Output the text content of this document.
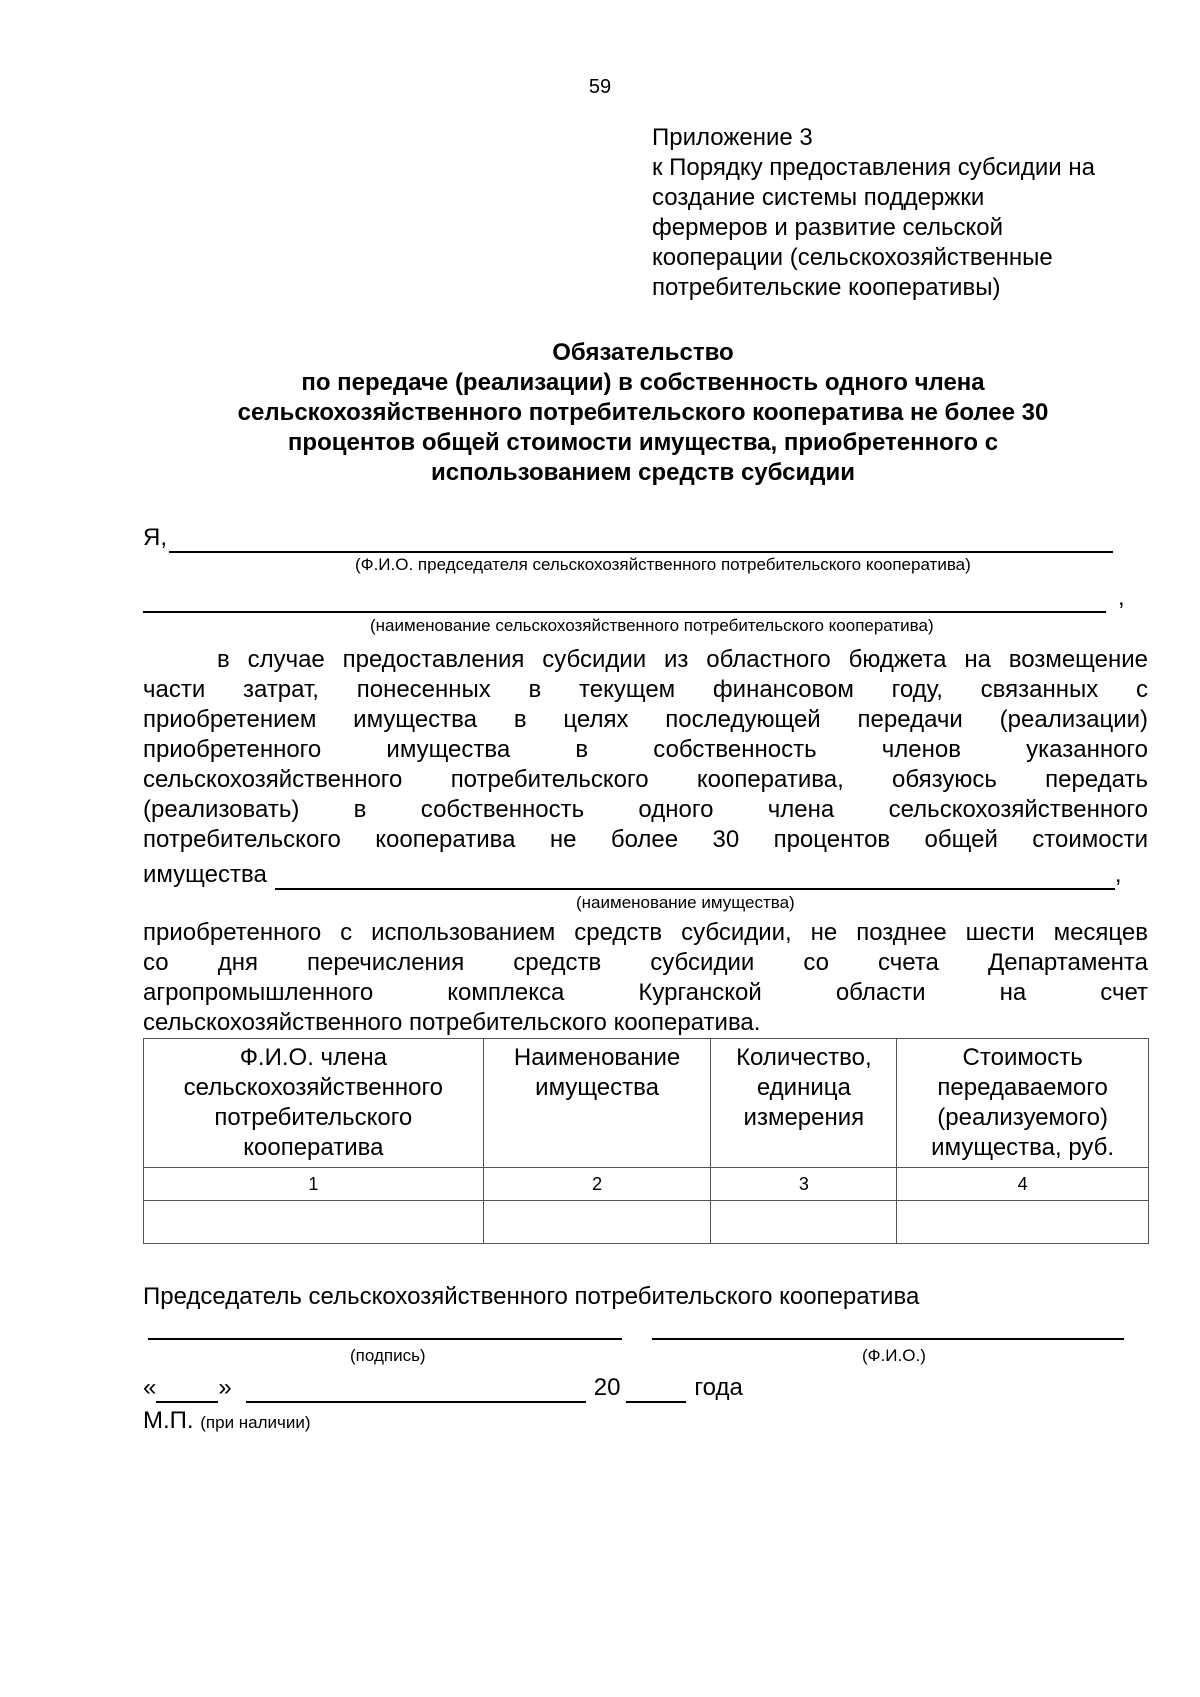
59
Приложение 3
к Порядку предоставления субсидии на
создание системы поддержки
фермеров и развитие сельской
кооперации (сельскохозяйственные
потребительские кооперативы)
Обязательство
по передаче (реализации) в собственность одного члена
сельскохозяйственного потребительского кооператива не более 30
процентов общей стоимости имущества, приобретенного с
использованием средств субсидии
Я,
(Ф.И.О. председателя сельскохозяйственного потребительского кооператива)
,
(наименование сельскохозяйственного потребительского кооператива)
в случае предоставления субсидии из областного бюджета на возмещение
части затрат, понесенных в текущем финансовом году, связанных с
приобретением имущества в целях последующей передачи (реализации)
приобретенного имущества в собственность членов указанного
сельскохозяйственного потребительского кооператива, обязуюсь передать
(реализовать) в собственность одного члена сельскохозяйственного
потребительского кооператива не более 30 процентов общей стоимости
имущества	,
(наименование имущества)
приобретенного с использованием средств субсидии, не позднее шести месяцев
со дня перечисления средств субсидии со счета Департамента
агропромышленного комплекса Курганской области на счет
сельскохозяйственного потребительского кооператива.
Ф.И.О. члена сельскохозяйственного потребительского кооператива	Наименование имущества	Количество, единица измерения	Стоимость передаваемого (реализуемого) имущества, руб.
1	2	3	4

Председатель сельскохозяйственного потребительского кооператива
(подпись)	(Ф.И.О.)
«	»	20	года
М.П. (при наличии)
